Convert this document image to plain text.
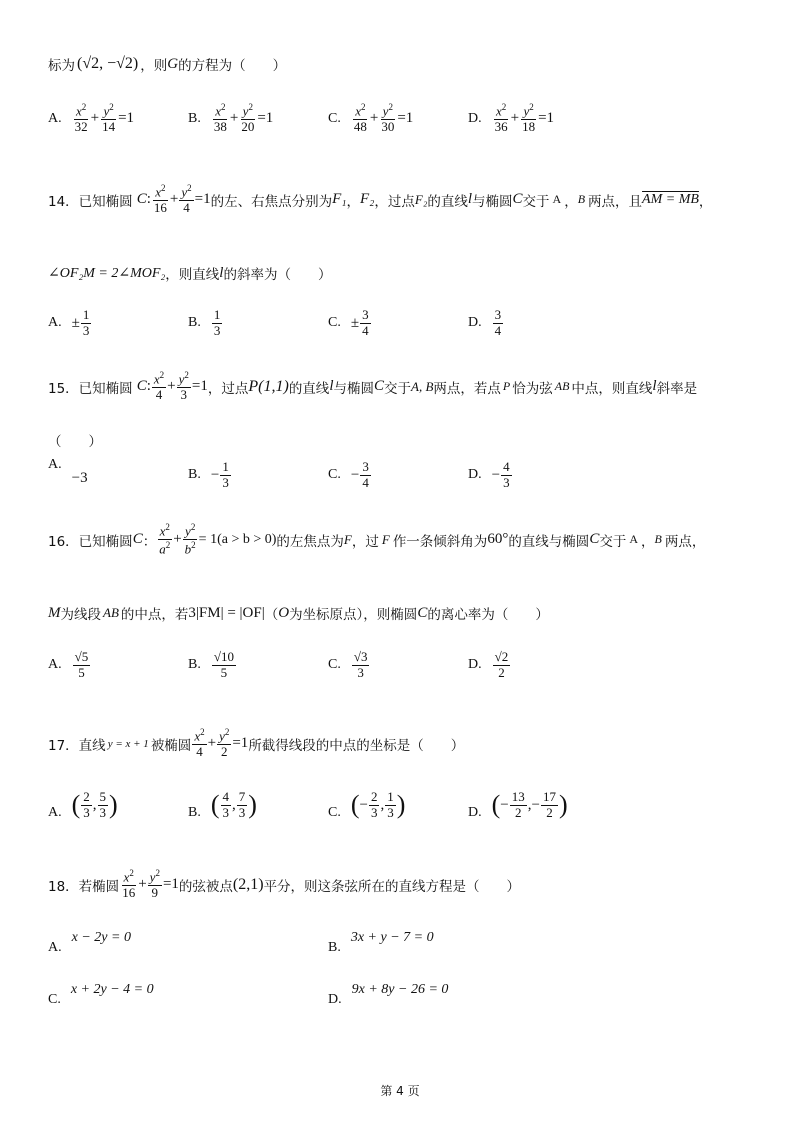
标为 (√2, −√2) ，则 G 的方程为（　　）
A. $\frac{x^2}{32} + \frac{y^2}{14} =1$	B. $\frac{x^2}{38} + \frac{y^2}{20} =1$	C. $\frac{x^2}{48} + \frac{y^2}{30} =1$	D. $\frac{x^2}{36} + \frac{y^2}{18} =1$
14．已知椭圆 C : $\frac{x^2}{16} + \frac{y^2}{4} =1$ 的左、右焦点分别为 F₁ ， F₂ ，过点 F₂ 的直线 l 与椭圆 C 交于 A ， B 两点，且 AM = MB ，
∠OF₂M = 2∠MOF₂ ，则直线 l 的斜率为（　　）
A. ± $\frac{1}{3}$	B. $\frac{1}{3}$	C. ± $\frac{3}{4}$	D. $\frac{3}{4}$
15．已知椭圆 C : $\frac{x^2}{4} + \frac{y^2}{3} =1$ ，过点 P(1,1) 的直线 l 与椭圆 C 交于 A, B 两点，若点 P 恰为弦 AB 中点，则直线 l 斜率是
（　　）
A.
−3	B. − $\frac{1}{3}$	C. − $\frac{3}{4}$	D. − $\frac{4}{3}$
16．已知椭圆 C ： $\frac{x^2}{a^2} + \frac{y^2}{b^2} = 1(a > b > 0)$ 的左焦点为 F ，过 F 作一条倾斜角为 60° 的直线与椭圆 C 交于 A ， B 两点，
M 为线段 AB 的中点，若 3|FM| = |OF| （ O 为坐标原点），则椭圆 C 的离心率为（　　）
A. $\frac{√5}{5}$	B. $\frac{√10}{5}$	C. $\frac{√3}{3}$	D. $\frac{√2}{2}$
17．直线 y = x + 1 被椭圆 $\frac{x^2}{4} + \frac{y^2}{2} =1$ 所截得线段的中点的坐标是（　　）
A. ( $\frac{2}{3}$ , $\frac{5}{3}$ )	B. ( $\frac{4}{3}$ , $\frac{7}{3}$ )	C. ( − $\frac{2}{3}$ , $\frac{1}{3}$ )	D. ( − $\frac{13}{2}$ , − $\frac{17}{2}$ )
18．若椭圆 $\frac{x^2}{16} + \frac{y^2}{9} =1$ 的弦被点 (2,1) 平分，则这条弦所在的直线方程是（　　）
A.
x − 2y = 0
B.
3x + y − 7 = 0
C.
x + 2y − 4 = 0
D.
9x + 8y − 26 = 0
第 4 页
